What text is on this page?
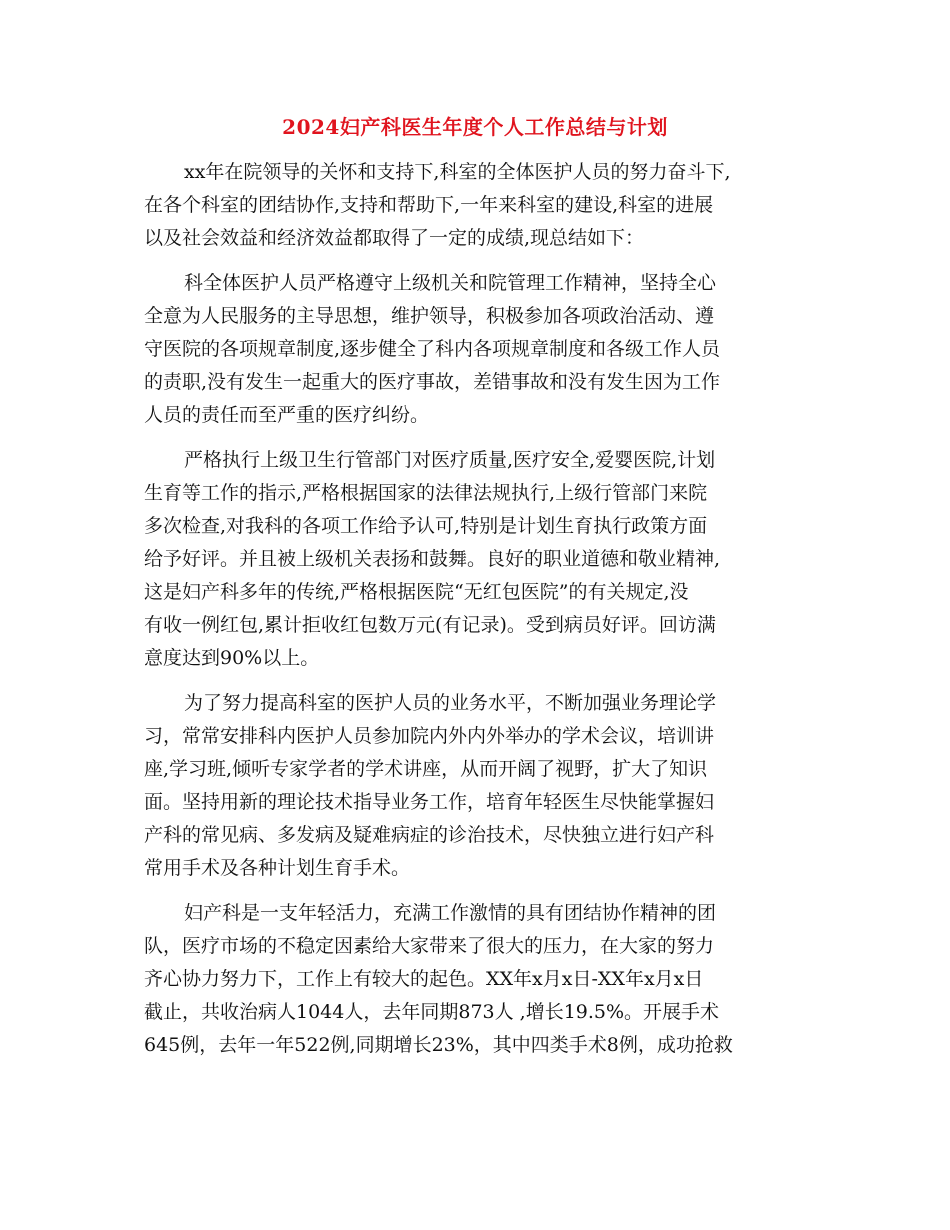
2024妇产科医生年度个人工作总结与计划
xx年在院领导的关怀和支持下,科室的全体医护人员的努力奋斗下,
在各个科室的团结协作,支持和帮助下,一年来科室的建设,科室的进展
以及社会效益和经济效益都取得了一定的成绩,现总结如下：
科全体医护人员严格遵守上级机关和院管理工作精神，坚持全心
全意为人民服务的主导思想，维护领导，积极参加各项政治活动、遵
守医院的各项规章制度,逐步健全了科内各项规章制度和各级工作人员
的责职,没有发生一起重大的医疗事故，差错事故和没有发生因为工作
人员的责任而至严重的医疗纠纷。
严格执行上级卫生行管部门对医疗质量,医疗安全,爱婴医院,计划
生育等工作的指示,严格根据国家的法律法规执行,上级行管部门来院
多次检查,对我科的各项工作给予认可,特别是计划生育执行政策方面
给予好评。并且被上级机关表扬和鼓舞。良好的职业道德和敬业精神,
这是妇产科多年的传统,严格根据医院“无红包医院”的有关规定,没
有收一例红包,累计拒收红包数万元(有记录)。受到病员好评。回访满
意度达到90%以上。
为了努力提高科室的医护人员的业务水平，不断加强业务理论学
习，常常安排科内医护人员参加院内外内外举办的学术会议，培训讲
座,学习班,倾听专家学者的学术讲座，从而开阔了视野，扩大了知识
面。坚持用新的理论技术指导业务工作，培育年轻医生尽快能掌握妇
产科的常见病、多发病及疑难病症的诊治技术，尽快独立进行妇产科
常用手术及各种计划生育手术。
妇产科是一支年轻活力，充满工作激情的具有团结协作精神的团
队，医疗市场的不稳定因素给大家带来了很大的压力，在大家的努力
齐心协力努力下，工作上有较大的起色。XX年x月x日-XX年x月x日
截止，共收治病人1044人，去年同期873人 ,增长19.5%。开展手术
645例，去年一年522例,同期增长23%，其中四类手术8例，成功抢救
